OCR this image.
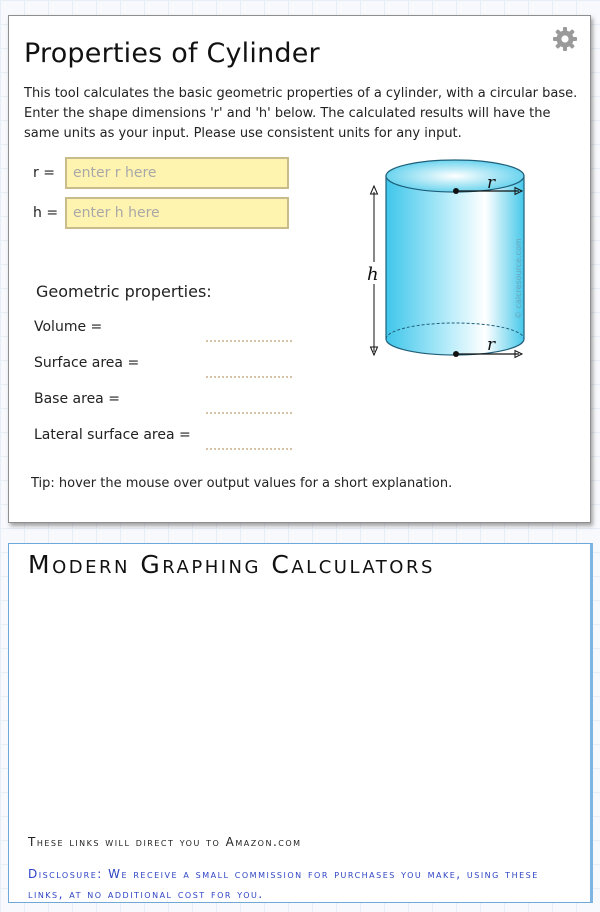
Properties of Cylinder

This tool calculates the basic geometric properties of a cylinder, with a circular base. Enter the shape dimensions 'r' and 'h' below. The calculated results will have the same units as your input. Please use consistent units for any input.

r =
enter r here
h =
enter h here
Geometric properties:
Volume =
Surface area =
Base area =
Lateral surface area =
Tip: hover the mouse over output values for a short explanation.
r
r
h	© calcresource.com
Modern Graphing Calculators
These links will direct you to Amazon.com
Disclosure: We receive a small commission for purchases you make, using these links, at no additional cost for you.
